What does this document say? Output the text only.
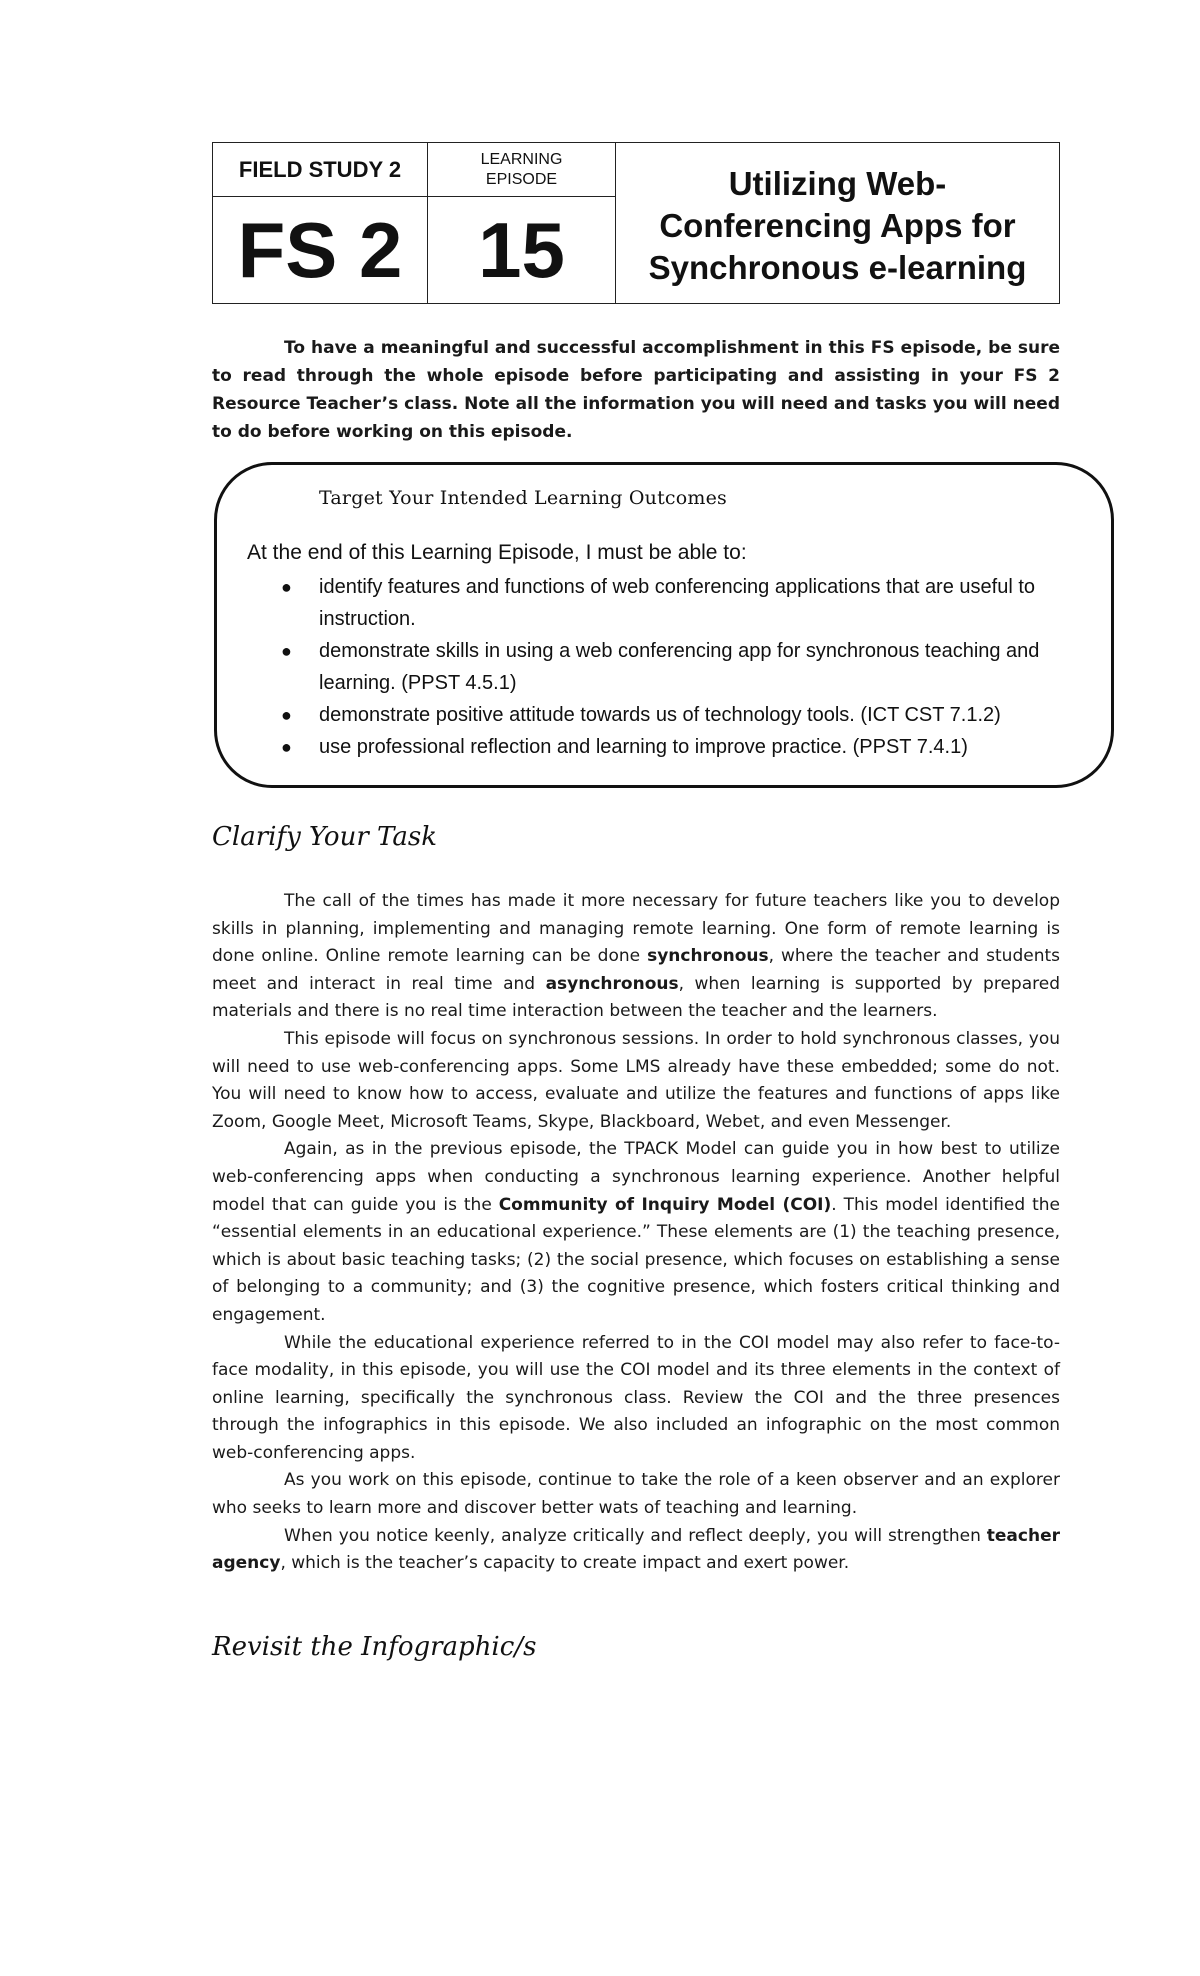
FIELD STUDY 2	LEARNING
EPISODE
FS 2 15
Utilizing Web-
Conferencing Apps for
Synchronous e-learning
To have a meaningful and successful accomplishment in this FS episode, be sure to read through the whole episode before participating and assisting in your FS 2 Resource Teacher’s class. Note all the information you will need and tasks you will need to do before working on this episode.
Target Your Intended Learning Outcomes
At the end of this Learning Episode, I must be able to:
● identify features and functions of web conferencing applications that are useful to instruction.
● demonstrate skills in using a web conferencing app for synchronous teaching and learning. (PPST 4.5.1)
● demonstrate positive attitude towards us of technology tools. (ICT CST 7.1.2)
● use professional reflection and learning to improve practice. (PPST 7.4.1)
Clarify Your Task

The call of the times has made it more necessary for future teachers like you to develop skills in planning, implementing and managing remote learning. One form of remote learning is done online. Online remote learning can be done synchronous, where the teacher and students meet and interact in real time and asynchronous, when learning is supported by prepared materials and there is no real time interaction between the teacher and the learners.

This episode will focus on synchronous sessions. In order to hold synchronous classes, you will need to use web-conferencing apps. Some LMS already have these embedded; some do not. You will need to know how to access, evaluate and utilize the features and functions of apps like Zoom, Google Meet, Microsoft Teams, Skype, Blackboard, Webet, and even Messenger.

Again, as in the previous episode, the TPACK Model can guide you in how best to utilize web-conferencing apps when conducting a synchronous learning experience. Another helpful model that can guide you is the Community of Inquiry Model (COI). This model identified the “essential elements in an educational experience.” These elements are (1) the teaching presence, which is about basic teaching tasks; (2) the social presence, which focuses on establishing a sense of belonging to a community; and (3) the cognitive presence, which fosters critical thinking and engagement.

While the educational experience referred to in the COI model may also refer to face-to-face modality, in this episode, you will use the COI model and its three elements in the context of online learning, specifically the synchronous class. Review the COI and the three presences through the infographics in this episode. We also included an infographic on the most common web-conferencing apps.

As you work on this episode, continue to take the role of a keen observer and an explorer who seeks to learn more and discover better wats of teaching and learning.

When you notice keenly, analyze critically and reflect deeply, you will strengthen teacher agency, which is the teacher’s capacity to create impact and exert power.

Revisit the Infographic/s
